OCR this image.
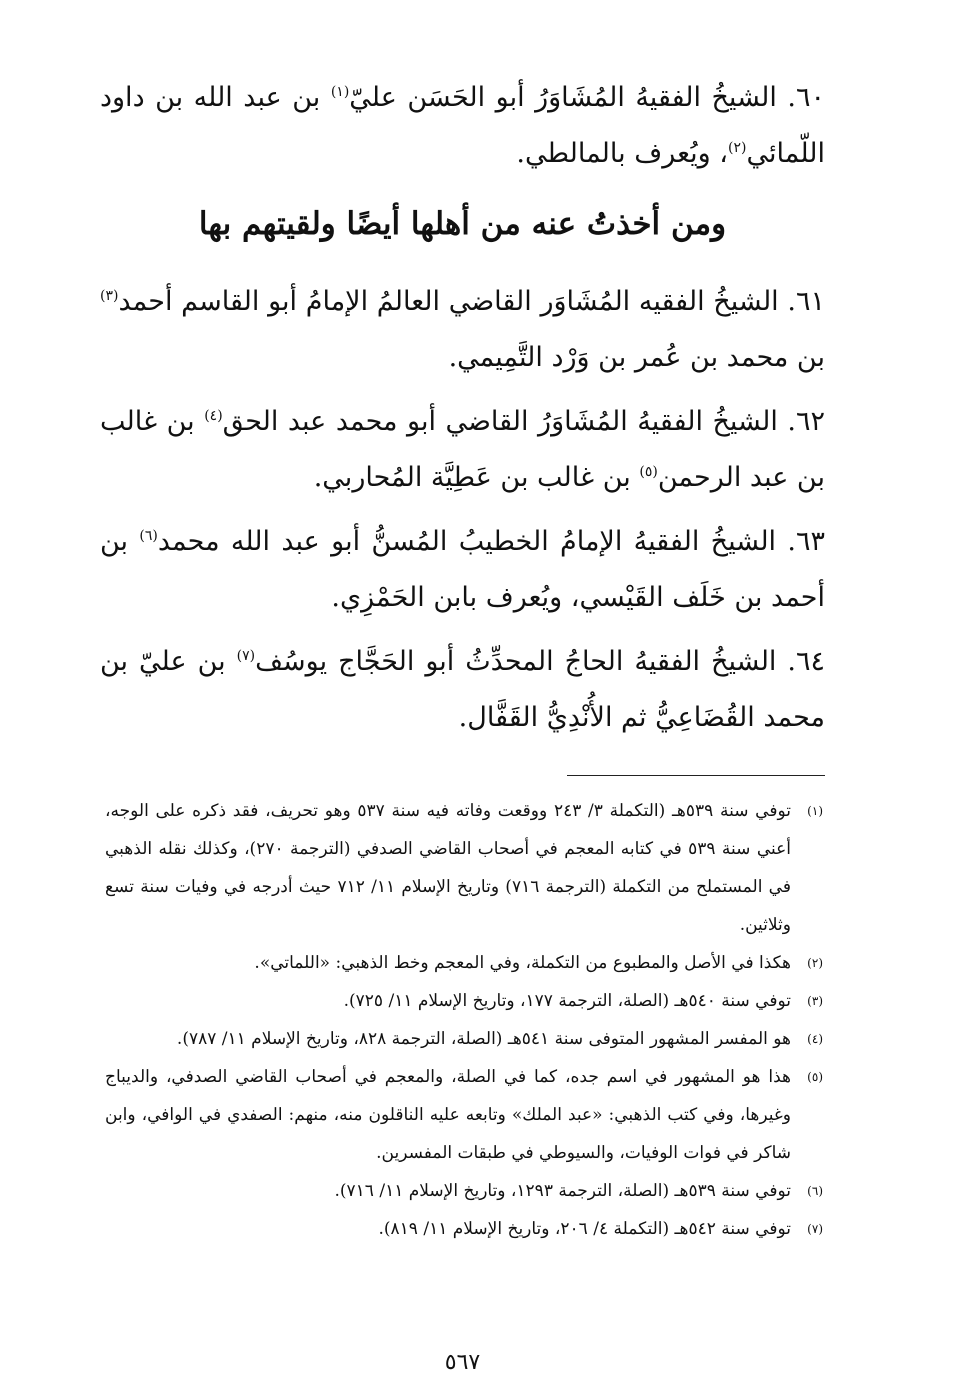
٦٠. الشيخُ الفقيهُ المُشَاوَرُ أبو الحَسَن عليّ$^{(١)}$ بن عبد الله بن داود اللّمائي$^{(٢)}$، ويُعرف بالمالطي.

ومن أخذتُ عنه من أهلها أيضًا ولقيتهم بها

٦١. الشيخُ الفقيه المُشَاوَر القاضي العالمُ الإمامُ أبو القاسم أحمد$^{(٣)}$ بن محمد بن عُمر بن وَرْد التَّمِيمي.

٦٢. الشيخُ الفقيهُ المُشَاوَرُ القاضي أبو محمد عبد الحق$^{(٤)}$ بن غالب بن عبد الرحمن$^{(٥)}$ بن غالب بن عَطِيَّة المُحاربي.

٦٣. الشيخُ الفقيهُ الإمامُ الخطيبُ المُسنُّ أبو عبد الله محمد$^{(٦)}$ بن أحمد بن خَلَف القَيْسي، ويُعرف بابن الحَمْزِي.

٦٤. الشيخُ الفقيهُ الحاجُ المحدِّثُ أبو الحَجَّاج يوسُف$^{(٧)}$ بن عليّ بن محمد القُضَاعِيُّ ثم الأُنْدِيُّ القَفَّال.

(١)
توفي سنة ٥٣٩هـ (التكملة ٣/ ٢٤٣ ووقعت وفاته فيه سنة ٥٣٧ وهو تحريف، فقد ذكره على الوجه، أعني سنة ٥٣٩ في كتابه المعجم في أصحاب القاضي الصدفي (الترجمة ٢٧٠)، وكذلك نقله الذهبي في المستملح من التكملة (الترجمة ٧١٦) وتاريخ الإسلام ١١/ ٧١٢ حيث أدرجه في وفيات سنة تسع وثلاثين.

(٢)
هكذا في الأصل والمطبوع من التكملة، وفي المعجم وخط الذهبي: «اللماتي».

(٣)
توفي سنة ٥٤٠هـ (الصلة، الترجمة ١٧٧، وتاريخ الإسلام ١١/ ٧٢٥).

(٤)
هو المفسر المشهور المتوفى سنة ٥٤١هـ (الصلة، الترجمة ٨٢٨، وتاريخ الإسلام ١١/ ٧٨٧).

(٥)
هذا هو المشهور في اسم جده، كما في الصلة، والمعجم في أصحاب القاضي الصدفي، والديباج وغيرها، وفي كتب الذهبي: «عبد الملك» وتابعه عليه الناقلون منه، منهم: الصفدي في الوافي، وابن شاكر في فوات الوفيات، والسيوطي في طبقات المفسرين.

(٦)
توفي سنة ٥٣٩هـ (الصلة، الترجمة ١٢٩٣، وتاريخ الإسلام ١١/ ٧١٦).

(٧)
توفي سنة ٥٤٢هـ (التكملة ٤/ ٢٠٦، وتاريخ الإسلام ١١/ ٨١٩).

٥٦٧
